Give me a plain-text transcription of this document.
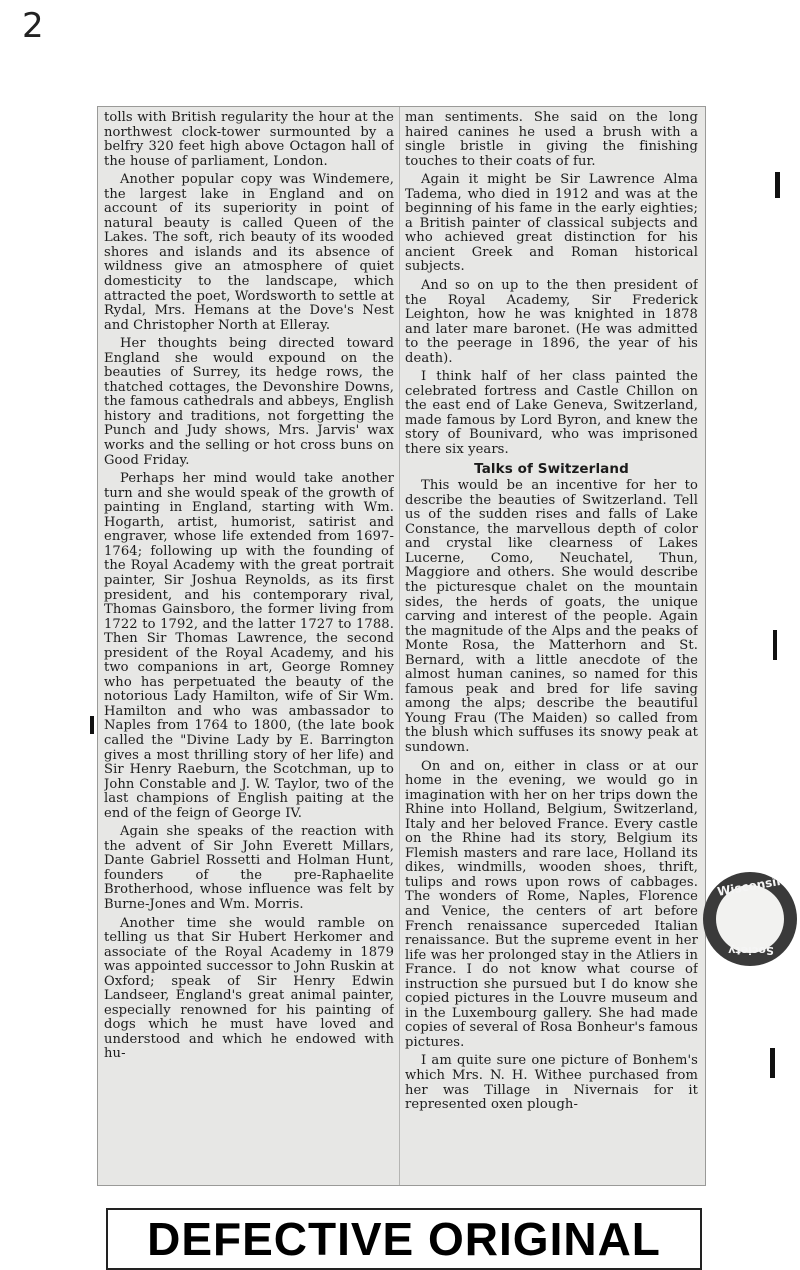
2

tolls with British regularity the hour at the northwest clock-tower surmounted by a belfry 320 feet high above Octagon hall of the house of parliament, London.

Another popular copy was Windemere, the largest lake in England and on account of its superiority in point of natural beauty is called Queen of the Lakes. The soft, rich beauty of its wooded shores and islands and its absence of wildness give an atmosphere of quiet domesticity to the landscape, which attracted the poet, Wordsworth to settle at Rydal, Mrs. Hemans at the Dove's Nest and Christopher North at Elleray.

Her thoughts being directed toward England she would expound on the beauties of Surrey, its hedge rows, the thatched cottages, the Devonshire Downs, the famous cathedrals and abbeys, English history and traditions, not forgetting the Punch and Judy shows, Mrs. Jarvis' wax works and the selling or hot cross buns on Good Friday.

Perhaps her mind would take another turn and she would speak of the growth of painting in England, starting with Wm. Hogarth, artist, humorist, satirist and engraver, whose life extended from 1697-1764; following up with the founding of the Royal Academy with the great portrait painter, Sir Joshua Reynolds, as its first president, and his contemporary rival, Thomas Gainsboro, the former living from 1722 to 1792, and the latter 1727 to 1788. Then Sir Thomas Lawrence, the second president of the Royal Academy, and his two companions in art, George Romney who has perpetuated the beauty of the notorious Lady Hamilton, wife of Sir Wm. Hamilton and who was ambassador to Naples from 1764 to 1800, (the late book called the "Divine Lady by E. Barrington gives a most thrilling story of her life) and Sir Henry Raeburn, the Scotchman, up to John Constable and J. W. Taylor, two of the last champions of English paiting at the end of the feign of George IV.

Again she speaks of the reaction with the advent of Sir John Everett Millars, Dante Gabriel Rossetti and Holman Hunt, founders of the pre-Raphaelite Brotherhood, whose influence was felt by Burne-Jones and Wm. Morris.

Another time she would ramble on telling us that Sir Hubert Herkomer and associate of the Royal Academy in 1879 was appointed successor to John Ruskin at Oxford; speak of Sir Henry Edwin Landseer, England's great animal painter, especially renowned for his painting of dogs which he must have loved and understood and which he endowed with hu-

man sentiments. She said on the long haired canines he used a brush with a single bristle in giving the finishing touches to their coats of fur.

Again it might be Sir Lawrence Alma Tadema, who died in 1912 and was at the beginning of his fame in the early eighties; a British painter of classical subjects and who achieved great distinction for his ancient Greek and Roman historical subjects.

And so on up to the then president of the Royal Academy, Sir Frederick Leighton, how he was knighted in 1878 and later mare baronet. (He was admitted to the peerage in 1896, the year of his death).

I think half of her class painted the celebrated fortress and Castle Chillon on the east end of Lake Geneva, Switzerland, made famous by Lord Byron, and knew the story of Bounivard, who was imprisoned there six years.

Talks of Switzerland

This would be an incentive for her to describe the beauties of Switzerland. Tell us of the sudden rises and falls of Lake Constance, the marvellous depth of color and crystal like clearness of Lakes Lucerne, Como, Neuchatel, Thun, Maggiore and others. She would describe the picturesque chalet on the mountain sides, the herds of goats, the unique carving and interest of the people. Again the magnitude of the Alps and the peaks of Monte Rosa, the Matterhorn and St. Bernard, with a little anecdote of the almost human canines, so named for this famous peak and bred for life saving among the alps; describe the beautiful Young Frau (The Maiden) so called from the blush which suffuses its snowy peak at sundown.

On and on, either in class or at our home in the evening, we would go in imagination with her on her trips down the Rhine into Holland, Belgium, Switzerland, Italy and her beloved France. Every castle on the Rhine had its story, Belgium its Flemish masters and rare lace, Holland its dikes, windmills, wooden shoes, thrift, tulips and rows upon rows of cabbages. The wonders of Rome, Naples, Florence and Venice, the centers of art before French renaissance superceded Italian renaissance. But the supreme event in her life was her prolonged stay in the Atliers in France. I do not know what course of instruction she pursued but I do know she copied pictures in the Louvre museum and in the Luxembourg gallery. She had made copies of several of Rosa Bonheur's famous pictures.

I am quite sure one picture of Bonhem's which Mrs. N. H. Withee purchased from her was Tillage in Nivernais for it represented oxen plough-

Wisconsin
Society
DEFECTIVE ORIGINAL
